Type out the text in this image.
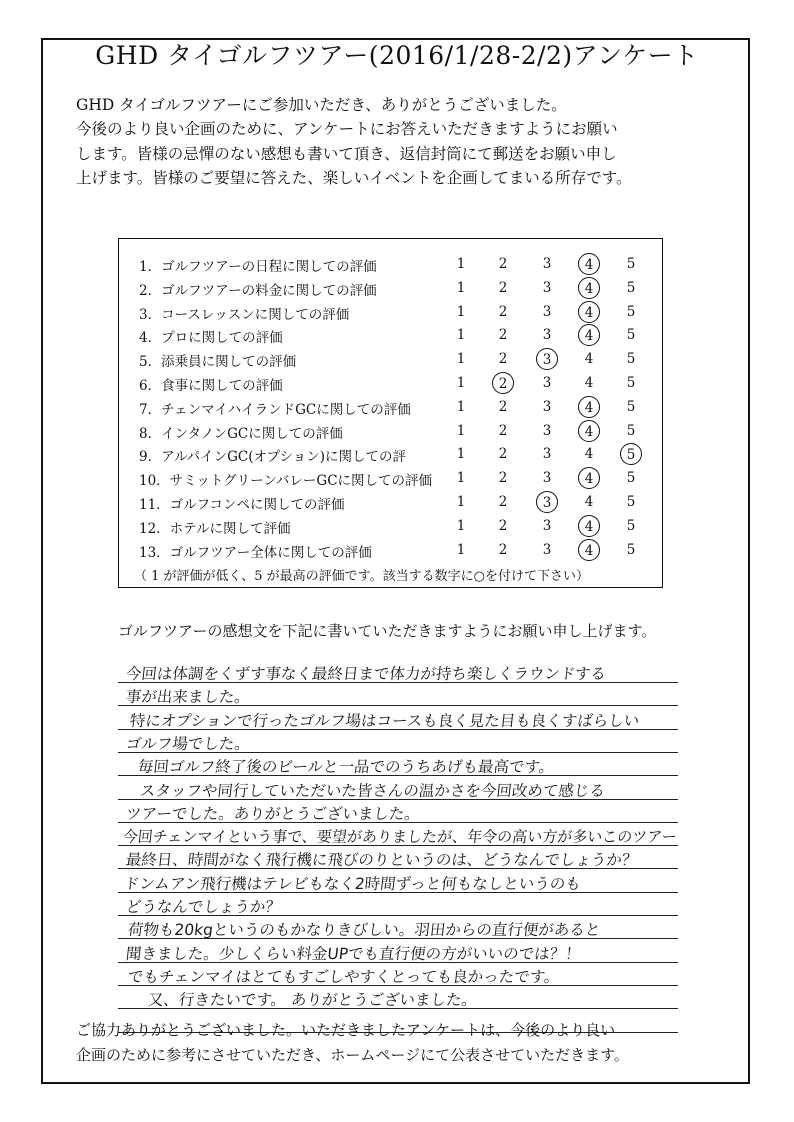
GHD タイゴルフツアー(2016/1/28-2/2)アンケート

GHD タイゴルフツアーにご参加いただき、ありがとうございました。

今後のより良い企画のために、アンケートにお答えいただきますようにお願い

します。皆様の忌憚のない感想も書いて頂き、返信封筒にて郵送をお願い申し

上げます。皆様のご要望に答えた、楽しいイベントを企画してまいる所存です。

1．ゴルフツアーの日程に関しての評価	1	2	3	4	5
2．ゴルフツアーの料金に関しての評価	1	2	3	4	5
3．コースレッスンに関しての評価	1	2	3	4	5
4．プロに関しての評価	1	2	3	4	5
5．添乗員に関しての評価	1	2	3	4	5
6．食事に関しての評価	1	2	3	4	5
7．チェンマイハイランドGCに関しての評価	1	2	3	4	5
8．インタノンGCに関しての評価	1	2	3	4	5
9．アルパインGC(オプション)に関しての評	1	2	3	4	5
10．サミットグリーンバレーGCに関しての評価	1	2	3	4	5
11．ゴルフコンペに関しての評価	1	2	3	4	5
12．ホテルに関して評価	1	2	3	4	5
13．ゴルフツアー全体に関しての評価	1	2	3	4	5
（ 1 が評価が低く、5 が最高の評価です。該当する数字に○を付けて下さい）
ゴルフツアーの感想文を下記に書いていただきますようにお願い申し上げます。
今回は体調をくずす事なく最終日まで体力が持ち楽しくラウンドする
事が出来ました。
特にオプションで行ったゴルフ場はコースも良く見た目も良くすばらしい
ゴルフ場でした。
毎回ゴルフ終了後のビールと一品でのうちあげも最高です。
スタッフや同行していただいた皆さんの温かさを今回改めて感じる
ツアーでした。ありがとうございました。
今回チェンマイという事で、要望がありましたが、年令の高い方が多いこのツアー
最終日、時間がなく飛行機に飛びのりというのは、どうなんでしょうか？
ドンムアン飛行機はテレビもなく2時間ずっと何もなしというのも
どうなんでしょうか？
荷物も20kgというのもかなりきびしい。羽田からの直行便があると
聞きました。少しくらい料金UPでも直行便の方がいいのでは？！
でもチェンマイはとてもすごしやすくとっても良かったです。
又、行きたいです。 ありがとうございました。

ご協力ありがとうございました。いただきましたアンケートは、今後のより良い

企画のために参考にさせていただき、ホームページにて公表させていただきます。
